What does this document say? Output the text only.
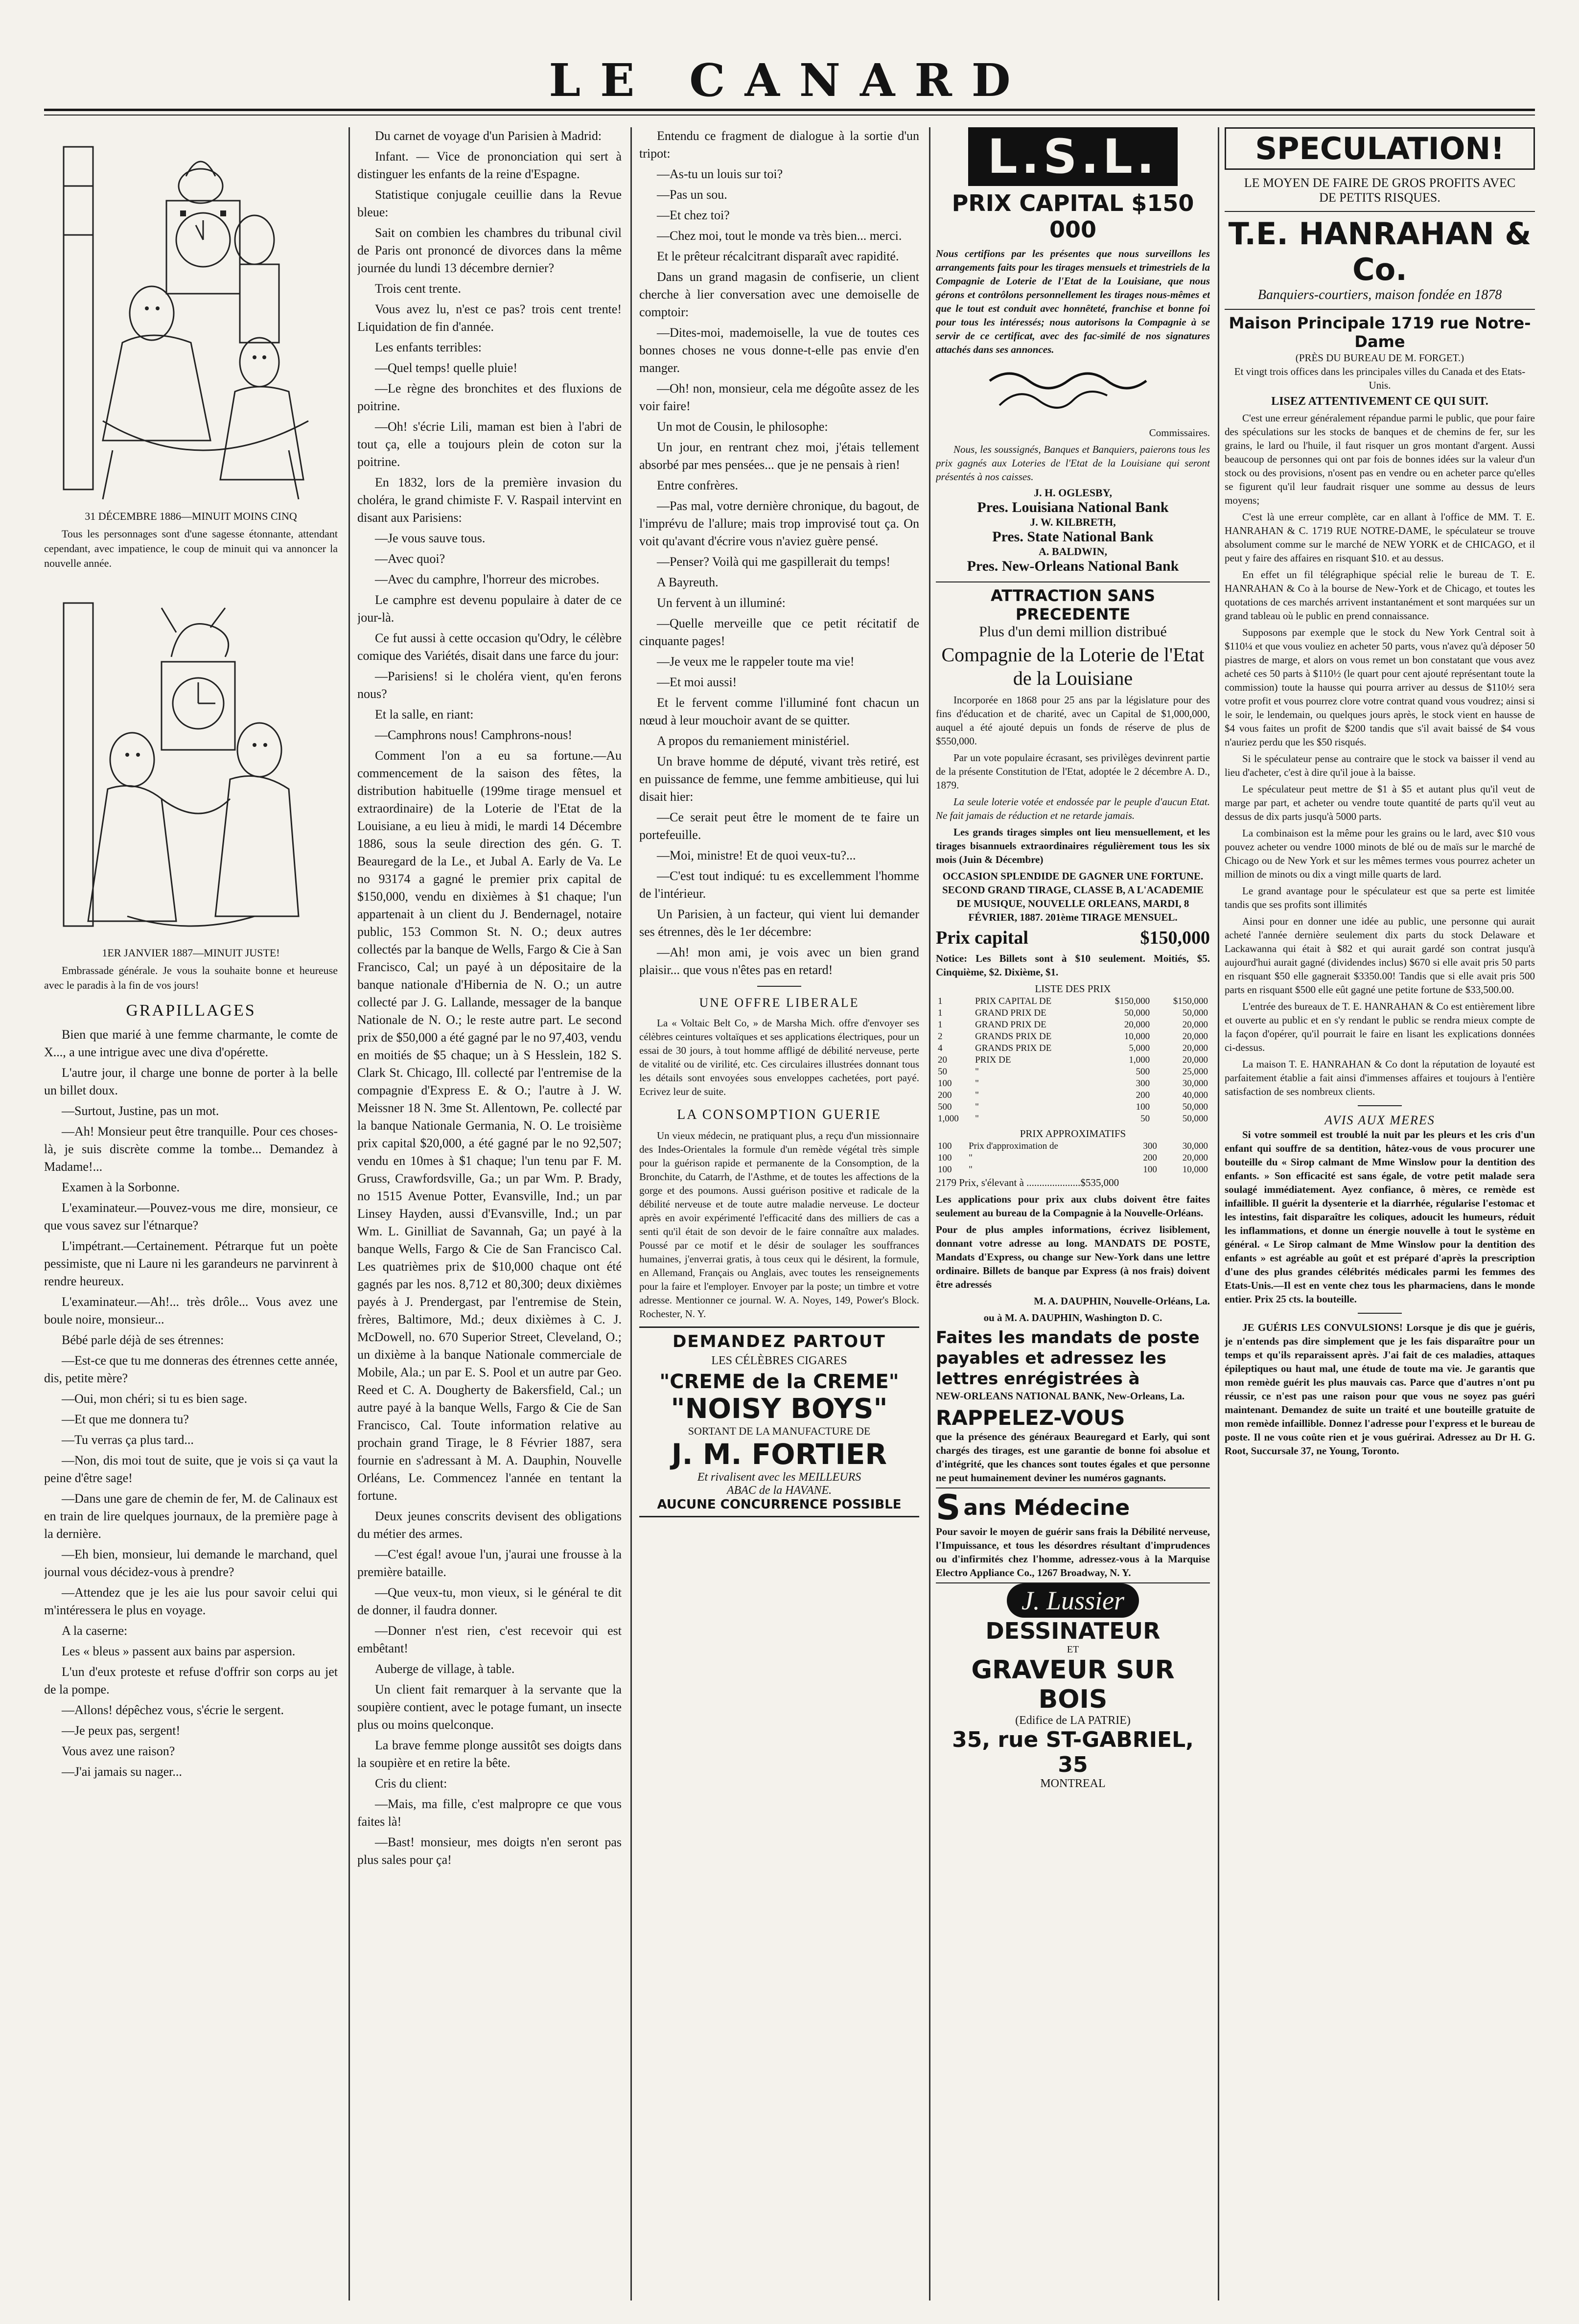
LE CANARD

31 DÉCEMBRE 1886—MINUIT MOINS CINQ

Tous les personnages sont d'une sagesse étonnante, attendant cependant, avec impatience, le coup de minuit qui va annoncer la nouvelle année.

1ER JANVIER 1887—MINUIT JUSTE!

Embrassade générale. Je vous la souhaite bonne et heureuse avec le paradis à la fin de vos jours!

GRAPILLAGES

Bien que marié à une femme charmante, le comte de X..., a une intrigue avec une diva d'opérette.

L'autre jour, il charge une bonne de porter à la belle un billet doux.

—Surtout, Justine, pas un mot.

—Ah! Monsieur peut être tranquille. Pour ces choses-là, je suis discrète comme la tombe... Demandez à Madame!...

Examen à la Sorbonne.

L'examinateur.—Pouvez-vous me dire, monsieur, ce que vous savez sur l'étnarque?

L'impétrant.—Certainement. Pétrarque fut un poète pessimiste, que ni Laure ni les garandeurs ne parvinrent à rendre heureux.

L'examinateur.—Ah!... très drôle... Vous avez une boule noire, monsieur...

Bébé parle déjà de ses étrennes:

—Est-ce que tu me donneras des étrennes cette année, dis, petite mère?

—Oui, mon chéri; si tu es bien sage.

—Et que me donnera tu?

—Tu verras ça plus tard...

—Non, dis moi tout de suite, que je vois si ça vaut la peine d'être sage!

—Dans une gare de chemin de fer, M. de Calinaux est en train de lire quelques journaux, de la première page à la dernière.

—Eh bien, monsieur, lui demande le marchand, quel journal vous décidez-vous à prendre?

—Attendez que je les aie lus pour savoir celui qui m'intéressera le plus en voyage.

A la caserne:

Les « bleus » passent aux bains par aspersion.

L'un d'eux proteste et refuse d'offrir son corps au jet de la pompe.

—Allons! dépêchez vous, s'écrie le sergent.

—Je peux pas, sergent!

Vous avez une raison?

—J'ai jamais su nager...

Du carnet de voyage d'un Parisien à Madrid:

Infant. — Vice de prononciation qui sert à distinguer les enfants de la reine d'Espagne.

Statistique conjugale ceuillie dans la Revue bleue:

Sait on combien les chambres du tribunal civil de Paris ont prononcé de divorces dans la même journée du lundi 13 décembre dernier?

Trois cent trente.

Vous avez lu, n'est ce pas? trois cent trente! Liquidation de fin d'année.

Les enfants terribles:

—Quel temps! quelle pluie!

—Le règne des bronchites et des fluxions de poitrine.

—Oh! s'écrie Lili, maman est bien à l'abri de tout ça, elle a toujours plein de coton sur la poitrine.

En 1832, lors de la première invasion du choléra, le grand chimiste F. V. Raspail intervint en disant aux Parisiens:

—Je vous sauve tous.

—Avec quoi?

—Avec du camphre, l'horreur des microbes.

Le camphre est devenu populaire à dater de ce jour-là.

Ce fut aussi à cette occasion qu'Odry, le célèbre comique des Variétés, disait dans une farce du jour:

—Parisiens! si le choléra vient, qu'en ferons nous?

Et la salle, en riant:

—Camphrons nous! Camphrons-nous!

Comment l'on a eu sa fortune.—Au commencement de la saison des fêtes, la distribution habituelle (199me tirage mensuel et extraordinaire) de la Loterie de l'Etat de la Louisiane, a eu lieu à midi, le mardi 14 Décembre 1886, sous la seule direction des gén. G. T. Beauregard de la Le., et Jubal A. Early de Va. Le no 93174 a gagné le premier prix capital de $150,000, vendu en dixièmes à $1 chaque; l'un appartenait à un client du J. Bendernagel, notaire public, 153 Common St. N. O.; deux autres collectés par la banque de Wells, Fargo & Cie à San Francisco, Cal; un payé à un dépositaire de la banque nationale d'Hibernia de N. O.; un autre collecté par J. G. Lallande, messager de la banque Nationale de N. O.; le reste autre part. Le second prix de $50,000 a été gagné par le no 97,403, vendu en moitiés de $5 chaque; un à S Hesslein, 182 S. Clark St. Chicago, Ill. collecté par l'entremise de la compagnie d'Express E. & O.; l'autre à J. W. Meissner 18 N. 3me St. Allentown, Pe. collecté par la banque Nationale Germania, N. O. Le troisième prix capital $20,000, a été gagné par le no 92,507; vendu en 10mes à $1 chaque; l'un tenu par F. M. Gruss, Crawfordsville, Ga.; un par Wm. P. Brady, no 1515 Avenue Potter, Evansville, Ind.; un par Linsey Hayden, aussi d'Evansville, Ind.; un par Wm. L. Ginilliat de Savannah, Ga; un payé à la banque Wells, Fargo & Cie de San Francisco Cal. Les quatrièmes prix de $10,000 chaque ont été gagnés par les nos. 8,712 et 80,300; deux dixièmes payés à J. Prendergast, par l'entremise de Stein, frères, Baltimore, Md.; deux dixièmes à C. J. McDowell, no. 670 Superior Street, Cleveland, O.; un dixième à la banque Nationale commerciale de Mobile, Ala.; un par E. S. Pool et un autre par Geo. Reed et C. A. Dougherty de Bakersfield, Cal.; un autre payé à la banque Wells, Fargo & Cie de San Francisco, Cal. Toute information relative au prochain grand Tirage, le 8 Février 1887, sera fournie en s'adressant à M. A. Dauphin, Nouvelle Orléans, Le. Commencez l'année en tentant la fortune.

Deux jeunes conscrits devisent des obligations du métier des armes.

—C'est égal! avoue l'un, j'aurai une frousse à la première bataille.

—Que veux-tu, mon vieux, si le général te dit de donner, il faudra donner.

—Donner n'est rien, c'est recevoir qui est embêtant!

Auberge de village, à table.

Un client fait remarquer à la servante que la soupière contient, avec le potage fumant, un insecte plus ou moins quelconque.

La brave femme plonge aussitôt ses doigts dans la soupière et en retire la bête.

Cris du client:

—Mais, ma fille, c'est malpropre ce que vous faites là!

—Bast! monsieur, mes doigts n'en seront pas plus sales pour ça!

Entendu ce fragment de dialogue à la sortie d'un tripot:

—As-tu un louis sur toi?

—Pas un sou.

—Et chez toi?

—Chez moi, tout le monde va très bien... merci.

Et le prêteur récalcitrant disparaît avec rapidité.

Dans un grand magasin de confiserie, un client cherche à lier conversation avec une demoiselle de comptoir:

—Dites-moi, mademoiselle, la vue de toutes ces bonnes choses ne vous donne-t-elle pas envie d'en manger.

—Oh! non, monsieur, cela me dégoûte assez de les voir faire!

Un mot de Cousin, le philosophe:

Un jour, en rentrant chez moi, j'étais tellement absorbé par mes pensées... que je ne pensais à rien!

Entre confrères.

—Pas mal, votre dernière chronique, du bagout, de l'imprévu de l'allure; mais trop improvisé tout ça. On voit qu'avant d'écrire vous n'aviez guère pensé.

—Penser? Voilà qui me gaspillerait du temps!

A Bayreuth.

Un fervent à un illuminé:

—Quelle merveille que ce petit récitatif de cinquante pages!

—Je veux me le rappeler toute ma vie!

—Et moi aussi!

Et le fervent comme l'illuminé font chacun un nœud à leur mouchoir avant de se quitter.

A propos du remaniement ministériel.

Un brave homme de député, vivant très retiré, est en puissance de femme, une femme ambitieuse, qui lui disait hier:

—Ce serait peut être le moment de te faire un portefeuille.

—Moi, ministre! Et de quoi veux-tu?...

—C'est tout indiqué: tu es excellemment l'homme de l'intérieur.

Un Parisien, à un facteur, qui vient lui demander ses étrennes, dès le 1er décembre:

—Ah! mon ami, je vois avec un bien grand plaisir... que vous n'êtes pas en retard!

UNE OFFRE LIBERALE

La « Voltaic Belt Co, » de Marsha Mich. offre d'envoyer ses célèbres ceintures voltaïques et ses applications électriques, pour un essai de 30 jours, à tout homme affligé de débilité nerveuse, perte de vitalité ou de virilité, etc. Ces circulaires illustrées donnant tous les détails sont envoyées sous enveloppes cachetées, port payé. Ecrivez leur de suite.

LA CONSOMPTION GUERIE

Un vieux médecin, ne pratiquant plus, a reçu d'un missionnaire des Indes-Orientales la formule d'un remède végétal très simple pour la guérison rapide et permanente de la Consomption, de la Bronchite, du Catarrh, de l'Asthme, et de toutes les affections de la gorge et des poumons. Aussi guérison positive et radicale de la débilité nerveuse et de toute autre maladie nerveuse. Le docteur après en avoir expérimenté l'efficacité dans des milliers de cas a senti qu'il était de son devoir de le faire connaître aux malades. Poussé par ce motif et le désir de soulager les souffrances humaines, j'enverrai gratis, à tous ceux qui le désirent, la formule, en Allemand, Français ou Anglais, avec toutes les renseignements pour la faire et l'employer. Envoyer par la poste; un timbre et votre adresse. Mentionner ce journal. W. A. Noyes, 149, Power's Block. Rochester, N. Y.

DEMANDEZ PARTOUT
LES CÉLÈBRES CIGARES
"CREME de la CREME"
"NOISY BOYS"
SORTANT DE LA MANUFACTURE DE
J. M. FORTIER
Et rivalisent avec les MEILLEURS
ABAC de la HAVANE.
AUCUNE CONCURRENCE POSSIBLE
L.S.L.
PRIX CAPITAL $150 000

Nous certifions par les présentes que nous surveillons les arrangements faits pour les tirages mensuels et trimestriels de la Compagnie de Loterie de l'Etat de la Louisiane, que nous gérons et contrôlons personnellement les tirages nous-mêmes et que le tout est conduit avec honnêteté, franchise et bonne foi pour tous les intéressés; nous autorisons la Compagnie à se servir de ce certificat, avec des fac-similé de nos signatures attachés dans ses annonces.

Commissaires.

Nous, les soussignés, Banques et Banquiers, paierons tous les prix gagnés aux Loteries de l'Etat de la Louisiane qui seront présentés à nos caisses.

J. H. OGLESBY,
Pres. Louisiana National Bank
J. W. KILBRETH,
Pres. State National Bank
A. BALDWIN,
Pres. New-Orleans National Bank
ATTRACTION SANS PRECEDENTE
Plus d'un demi million distribué
Compagnie de la Loterie de l'Etat de la Louisiane

Incorporée en 1868 pour 25 ans par la législature pour des fins d'éducation et de charité, avec un Capital de $1,000,000, auquel a été ajouté depuis un fonds de réserve de plus de $550,000.

Par un vote populaire écrasant, ses privilèges devinrent partie de la présente Constitution de l'Etat, adoptée le 2 décembre A. D., 1879.

La seule loterie votée et endossée par le peuple d'aucun Etat. Ne fait jamais de réduction et ne retarde jamais.

Les grands tirages simples ont lieu mensuellement, et les tirages bisannuels extraordinaires régulièrement tous les six mois (Juin & Décembre)

OCCASION SPLENDIDE DE GAGNER UNE FORTUNE. SECOND GRAND TIRAGE, CLASSE B, A L'ACADEMIE DE MUSIQUE, NOUVELLE ORLEANS, MARDI, 8 FÉVRIER, 1887. 201ème TIRAGE MENSUEL.

Prix capital	$150,000

Notice: Les Billets sont à $10 seulement. Moitiés, $5. Cinquième, $2. Dixième, $1.

LISTE DES PRIX
1	PRIX CAPITAL DE	$150,000	$150,000
1	GRAND PRIX DE	50,000	50,000
1	GRAND PRIX DE	20,000	20,000
2	GRANDS PRIX DE	10,000	20,000
4	GRANDS PRIX DE	5,000	20,000
20	PRIX DE	1,000	20,000
50	"	500	25,000
100	"	300	30,000
200	"	200	40,000
500	"	100	50,000
1,000	"	50	50,000
PRIX APPROXIMATIFS
100	Prix d'approximation de	300	30,000
100	"	200	20,000
100	"	100	10,000

2179 Prix, s'élevant à .....................$535,000

Les applications pour prix aux clubs doivent être faites seulement au bureau de la Compagnie à la Nouvelle-Orléans.

Pour de plus amples informations, écrivez lisiblement, donnant votre adresse au long. MANDATS DE POSTE, Mandats d'Express, ou change sur New-York dans une lettre ordinaire. Billets de banque par Express (à nos frais) doivent être adressés

M. A. DAUPHIN, Nouvelle-Orléans, La.

ou à M. A. DAUPHIN, Washington D. C.

Faites les mandats de poste payables et adressez les lettres enrégistrées à

NEW-ORLEANS NATIONAL BANK, New-Orleans, La.

RAPPELEZ-VOUS

que la présence des généraux Beauregard et Early, qui sont chargés des tirages, est une garantie de bonne foi absolue et d'intégrité, que les chances sont toutes égales et que personne ne peut humainement deviner les numéros gagnants.

S ans Médecine

Pour savoir le moyen de guérir sans frais la Débilité nerveuse, l'Impuissance, et tous les désordres résultant d'imprudences ou d'infirmités chez l'homme, adressez-vous à la Marquise Electro Appliance Co., 1267 Broadway, N. Y.

J. Lussier
DESSINATEUR
ET
GRAVEUR SUR BOIS
(Edifice de LA PATRIE)
35, rue ST-GABRIEL, 35
MONTREAL
SPECULATION!
LE MOYEN DE FAIRE DE GROS PROFITS AVEC DE PETITS RISQUES.
T.E. HANRAHAN & Co.
Banquiers-courtiers, maison fondée en 1878
Maison Principale 1719 rue Notre-Dame
(PRÈS DU BUREAU DE M. FORGET.)

Et vingt trois offices dans les principales villes du Canada et des Etats-Unis.

LISEZ ATTENTIVEMENT CE QUI SUIT.

C'est une erreur généralement répandue parmi le public, que pour faire des spéculations sur les stocks de banques et de chemins de fer, sur les grains, le lard ou l'huile, il faut risquer un gros montant d'argent. Aussi beaucoup de personnes qui ont par fois de bonnes idées sur la valeur d'un stock ou des provisions, n'osent pas en vendre ou en acheter parce qu'elles se figurent qu'il leur faudrait risquer une somme au dessus de leurs moyens;

C'est là une erreur complète, car en allant à l'office de MM. T. E. HANRAHAN & C. 1719 RUE NOTRE-DAME, le spéculateur se trouve absolument comme sur le marché de NEW YORK et de CHICAGO, et il peut y faire des affaires en risquant $10. et au dessus.

En effet un fil télégraphique spécial relie le bureau de T. E. HANRAHAN & Co à la bourse de New-York et de Chicago, et toutes les quotations de ces marchés arrivent instantanément et sont marquées sur un grand tableau où le public en prend connaissance.

Supposons par exemple que le stock du New York Central soit à $110¼ et que vous vouliez en acheter 50 parts, vous n'avez qu'à déposer 50 piastres de marge, et alors on vous remet un bon constatant que vous avez acheté ces 50 parts à $110½ (le quart pour cent ajouté représentant toute la commission) toute la hausse qui pourra arriver au dessus de $110½ sera votre profit et vous pourrez clore votre contrat quand vous voudrez; ainsi si le soir, le lendemain, ou quelques jours après, le stock vient en hausse de $4 vous faites un profit de $200 tandis que s'il avait baissé de $4 vous n'auriez perdu que les $50 risqués.

Si le spéculateur pense au contraire que le stock va baisser il vend au lieu d'acheter, c'est à dire qu'il joue à la baisse.

Le spéculateur peut mettre de $1 à $5 et autant plus qu'il veut de marge par part, et acheter ou vendre toute quantité de parts qu'il veut au dessus de dix parts jusqu'à 5000 parts.

La combinaison est la même pour les grains ou le lard, avec $10 vous pouvez acheter ou vendre 1000 minots de blé ou de maïs sur le marché de Chicago ou de New York et sur les mêmes termes vous pourrez acheter un million de minots ou dix a vingt mille quarts de lard.

Le grand avantage pour le spéculateur est que sa perte est limitée tandis que ses profits sont illimités

Ainsi pour en donner une idée au public, une personne qui aurait acheté l'année dernière seulement dix parts du stock Delaware et Lackawanna qui était à $82 et qui aurait gardé son contrat jusqu'à aujourd'hui aurait gagné (dividendes inclus) $670 si elle avait pris 50 parts en risquant $50 elle gagnerait $3350.00! Tandis que si elle avait pris 500 parts en risquant $500 elle eût gagné une petite fortune de $33,500.00.

L'entrée des bureaux de T. E. HANRAHAN & Co est entièrement libre et ouverte au public et en s'y rendant le public se rendra mieux compte de la façon d'opérer, qu'il pourrait le faire en lisant les explications données ci-dessus.

La maison T. E. HANRAHAN & Co dont la réputation de loyauté est parfaitement établie a fait ainsi d'immenses affaires et toujours à l'entière satisfaction de ses nombreux clients.

AVIS AUX MERES

Si votre sommeil est troublé la nuit par les pleurs et les cris d'un enfant qui souffre de sa dentition, hâtez-vous de vous procurer une bouteille du « Sirop calmant de Mme Winslow pour la dentition des enfants. » Son efficacité est sans égale, de votre petit malade sera soulagé immédiatement. Ayez confiance, ô mères, ce remède est infaillible. Il guérit la dysenterie et la diarrhée, régularise l'estomac et les intestins, fait disparaître les coliques, adoucit les humeurs, réduit les inflammations, et donne un énergie nouvelle à tout le système en général. « Le Sirop calmant de Mme Winslow pour la dentition des enfants » est agréable au goût et est préparé d'après la prescription d'une des plus grandes célébrités médicales parmi les femmes des Etats-Unis.—Il est en vente chez tous les pharmaciens, dans le monde entier. Prix 25 cts. la bouteille.

JE GUÉRIS LES CONVULSIONS! Lorsque je dis que je guéris, je n'entends pas dire simplement que je les fais disparaître pour un temps et qu'ils reparaissent après. J'ai fait de ces maladies, attaques épileptiques ou haut mal, une étude de toute ma vie. Je garantis que mon remède guérit les plus mauvais cas. Parce que d'autres n'ont pu réussir, ce n'est pas une raison pour que vous ne soyez pas guéri maintenant. Demandez de suite un traité et une bouteille gratuite de mon remède infaillible. Donnez l'adresse pour l'express et le bureau de poste. Il ne vous coûte rien et je vous guérirai. Adressez au Dr H. G. Root, Succursale 37, ne Young, Toronto.
